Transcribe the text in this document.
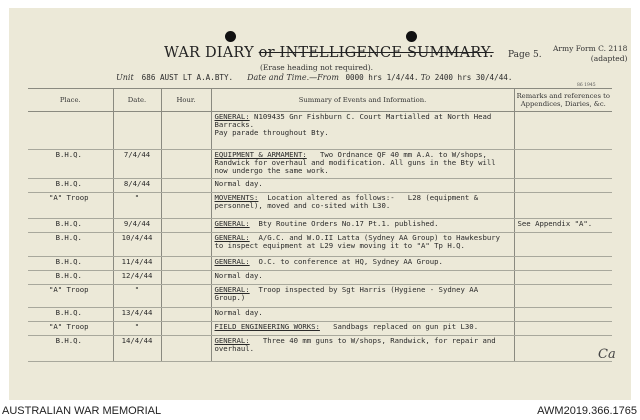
WAR DIARY or INTELLIGENCE SUMMARY.
(Erase heading not required).
Page 5.
Army Form C. 2118
(adapted)
Unit 686 AUST LT A.A.BTY. Date and Time.—From 0000 hrs 1/4/44. To 2400 hrs 30/4/44.
86 1945
Place.	Date.	Hour.	Summary of Events and Information.	Remarks and references to Appendices, Diaries, &c.
			GENERAL: N109435 Gnr Fishburn C. Court Martialled at North Head Barracks.
Pay parade throughout Bty.	
B.H.Q.	7/4/44		EQUIPMENT & ARMAMENT:   Two Ordnance QF 40 mm A.A. to W/shops, Randwick for overhaul and modification. All guns in the Bty will now undergo the same work.	
B.H.Q.	8/4/44		Normal day.	
"A" Troop	"		MOVEMENTS:  Location altered as follows:-   L28 (equipment & personnel), moved and co-sited with L30.	
B.H.Q.	9/4/44		GENERAL:  Bty Routine Orders No.17 Pt.1. published.	See Appendix "A".
B.H.Q.	10/4/44		GENERAL:  A/G.C. and W.O.II Latta (Sydney AA Group) to Hawkesbury to inspect equipment at L29 view moving it to "A" Tp H.Q.	
B.H.Q.	11/4/44		GENERAL:  O.C. to conference at HQ, Sydney AA Group.	
B.H.Q.	12/4/44		Normal day.	
"A" Troop	"		GENERAL:  Troop inspected by Sgt Harris (Hygiene - Sydney AA Group.)	
B.H.Q.	13/4/44		Normal day.	
"A" Troop	"		FIELD ENGINEERING WORKS:   Sandbags replaced on gun pit L30.	
B.H.Q.	14/4/44		GENERAL:   Three 40 mm guns to W/shops, Randwick, for repair and overhaul.		Ca
AUSTRALIAN WAR MEMORIAL	AWM2019.366.1765
